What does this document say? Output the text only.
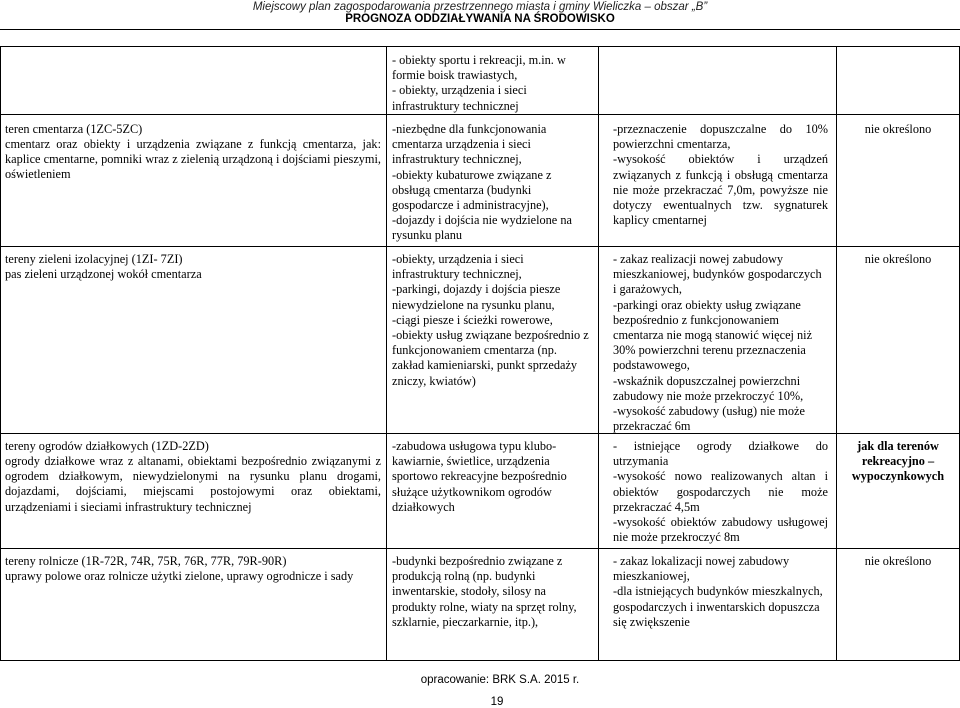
Miejscowy plan zagospodarowania przestrzennego miasta i gminy Wieliczka – obszar „B”
PROGNOZA ODDZIAŁYWANIA NA ŚRODOWISKO
- obiekty sportu i rekreacji, m.in. w formie boisk trawiastych,
- obiekty, urządzenia i sieci infrastruktury technicznej
teren cmentarza (1ZC-5ZC)
cmentarz oraz obiekty i urządzenia związane z funkcją cmentarza, jak: kaplice cmentarne, pomniki wraz z zielenią urządzoną i dojściami pieszymi, oświetleniem
-niezbędne dla funkcjonowania cmentarza urządzenia i sieci infrastruktury technicznej,
-obiekty kubaturowe związane z obsługą cmentarza (budynki gospodarcze i administracyjne),
-dojazdy i dojścia nie wydzielone na rysunku planu
-przeznaczenie dopuszczalne do 10% powierzchni cmentarza,
-wysokość obiektów i urządzeń związanych z funkcją i obsługą cmentarza nie może przekraczać 7,0m, powyższe nie dotyczy ewentualnych tzw. sygnaturek kaplicy cmentarnej
nie określono
tereny zieleni izolacyjnej (1ZI- 7ZI)
pas zieleni urządzonej wokół cmentarza
-obiekty, urządzenia i sieci infrastruktury technicznej,
-parkingi, dojazdy i dojścia piesze niewydzielone na rysunku planu,
-ciągi piesze i ścieżki rowerowe,
-obiekty usług związane bezpośrednio z funkcjonowaniem cmentarza (np. zakład kamieniarski, punkt sprzedaży zniczy, kwiatów)
- zakaz realizacji nowej zabudowy mieszkaniowej, budynków gospodarczych i garażowych,
-parkingi oraz obiekty usług związane bezpośrednio z funkcjonowaniem cmentarza nie mogą stanowić więcej niż 30% powierzchni terenu przeznaczenia podstawowego,
-wskaźnik dopuszczalnej powierzchni zabudowy nie może przekroczyć 10%,
-wysokość zabudowy (usług) nie może przekraczać 6m
nie określono
tereny ogrodów działkowych (1ZD-2ZD)
ogrody działkowe wraz z altanami, obiektami bezpośrednio związanymi z ogrodem działkowym, niewydzielonymi na rysunku planu drogami, dojazdami, dojściami, miejscami postojowymi oraz obiektami, urządzeniami i sieciami infrastruktury technicznej
-zabudowa usługowa typu klubo-kawiarnie, świetlice, urządzenia sportowo rekreacyjne bezpośrednio służące użytkownikom ogrodów działkowych
- istniejące ogrody działkowe do utrzymania
-wysokość nowo realizowanych altan i obiektów gospodarczych nie może przekraczać 4,5m
-wysokość obiektów zabudowy usługowej nie może przekroczyć 8m
jak dla terenów rekreacyjno – wypoczynkowych
tereny rolnicze (1R-72R, 74R, 75R, 76R, 77R, 79R-90R)
uprawy polowe oraz rolnicze użytki zielone, uprawy ogrodnicze i sady
-budynki bezpośrednio związane z produkcją rolną (np. budynki inwentarskie, stodoły, silosy na produkty rolne, wiaty na sprzęt rolny, szklarnie, pieczarkarnie, itp.),
- zakaz lokalizacji nowej zabudowy mieszkaniowej,
-dla istniejących budynków mieszkalnych, gospodarczych i inwentarskich dopuszcza się zwiększenie
nie określono
opracowanie: BRK S.A. 2015 r.
19
